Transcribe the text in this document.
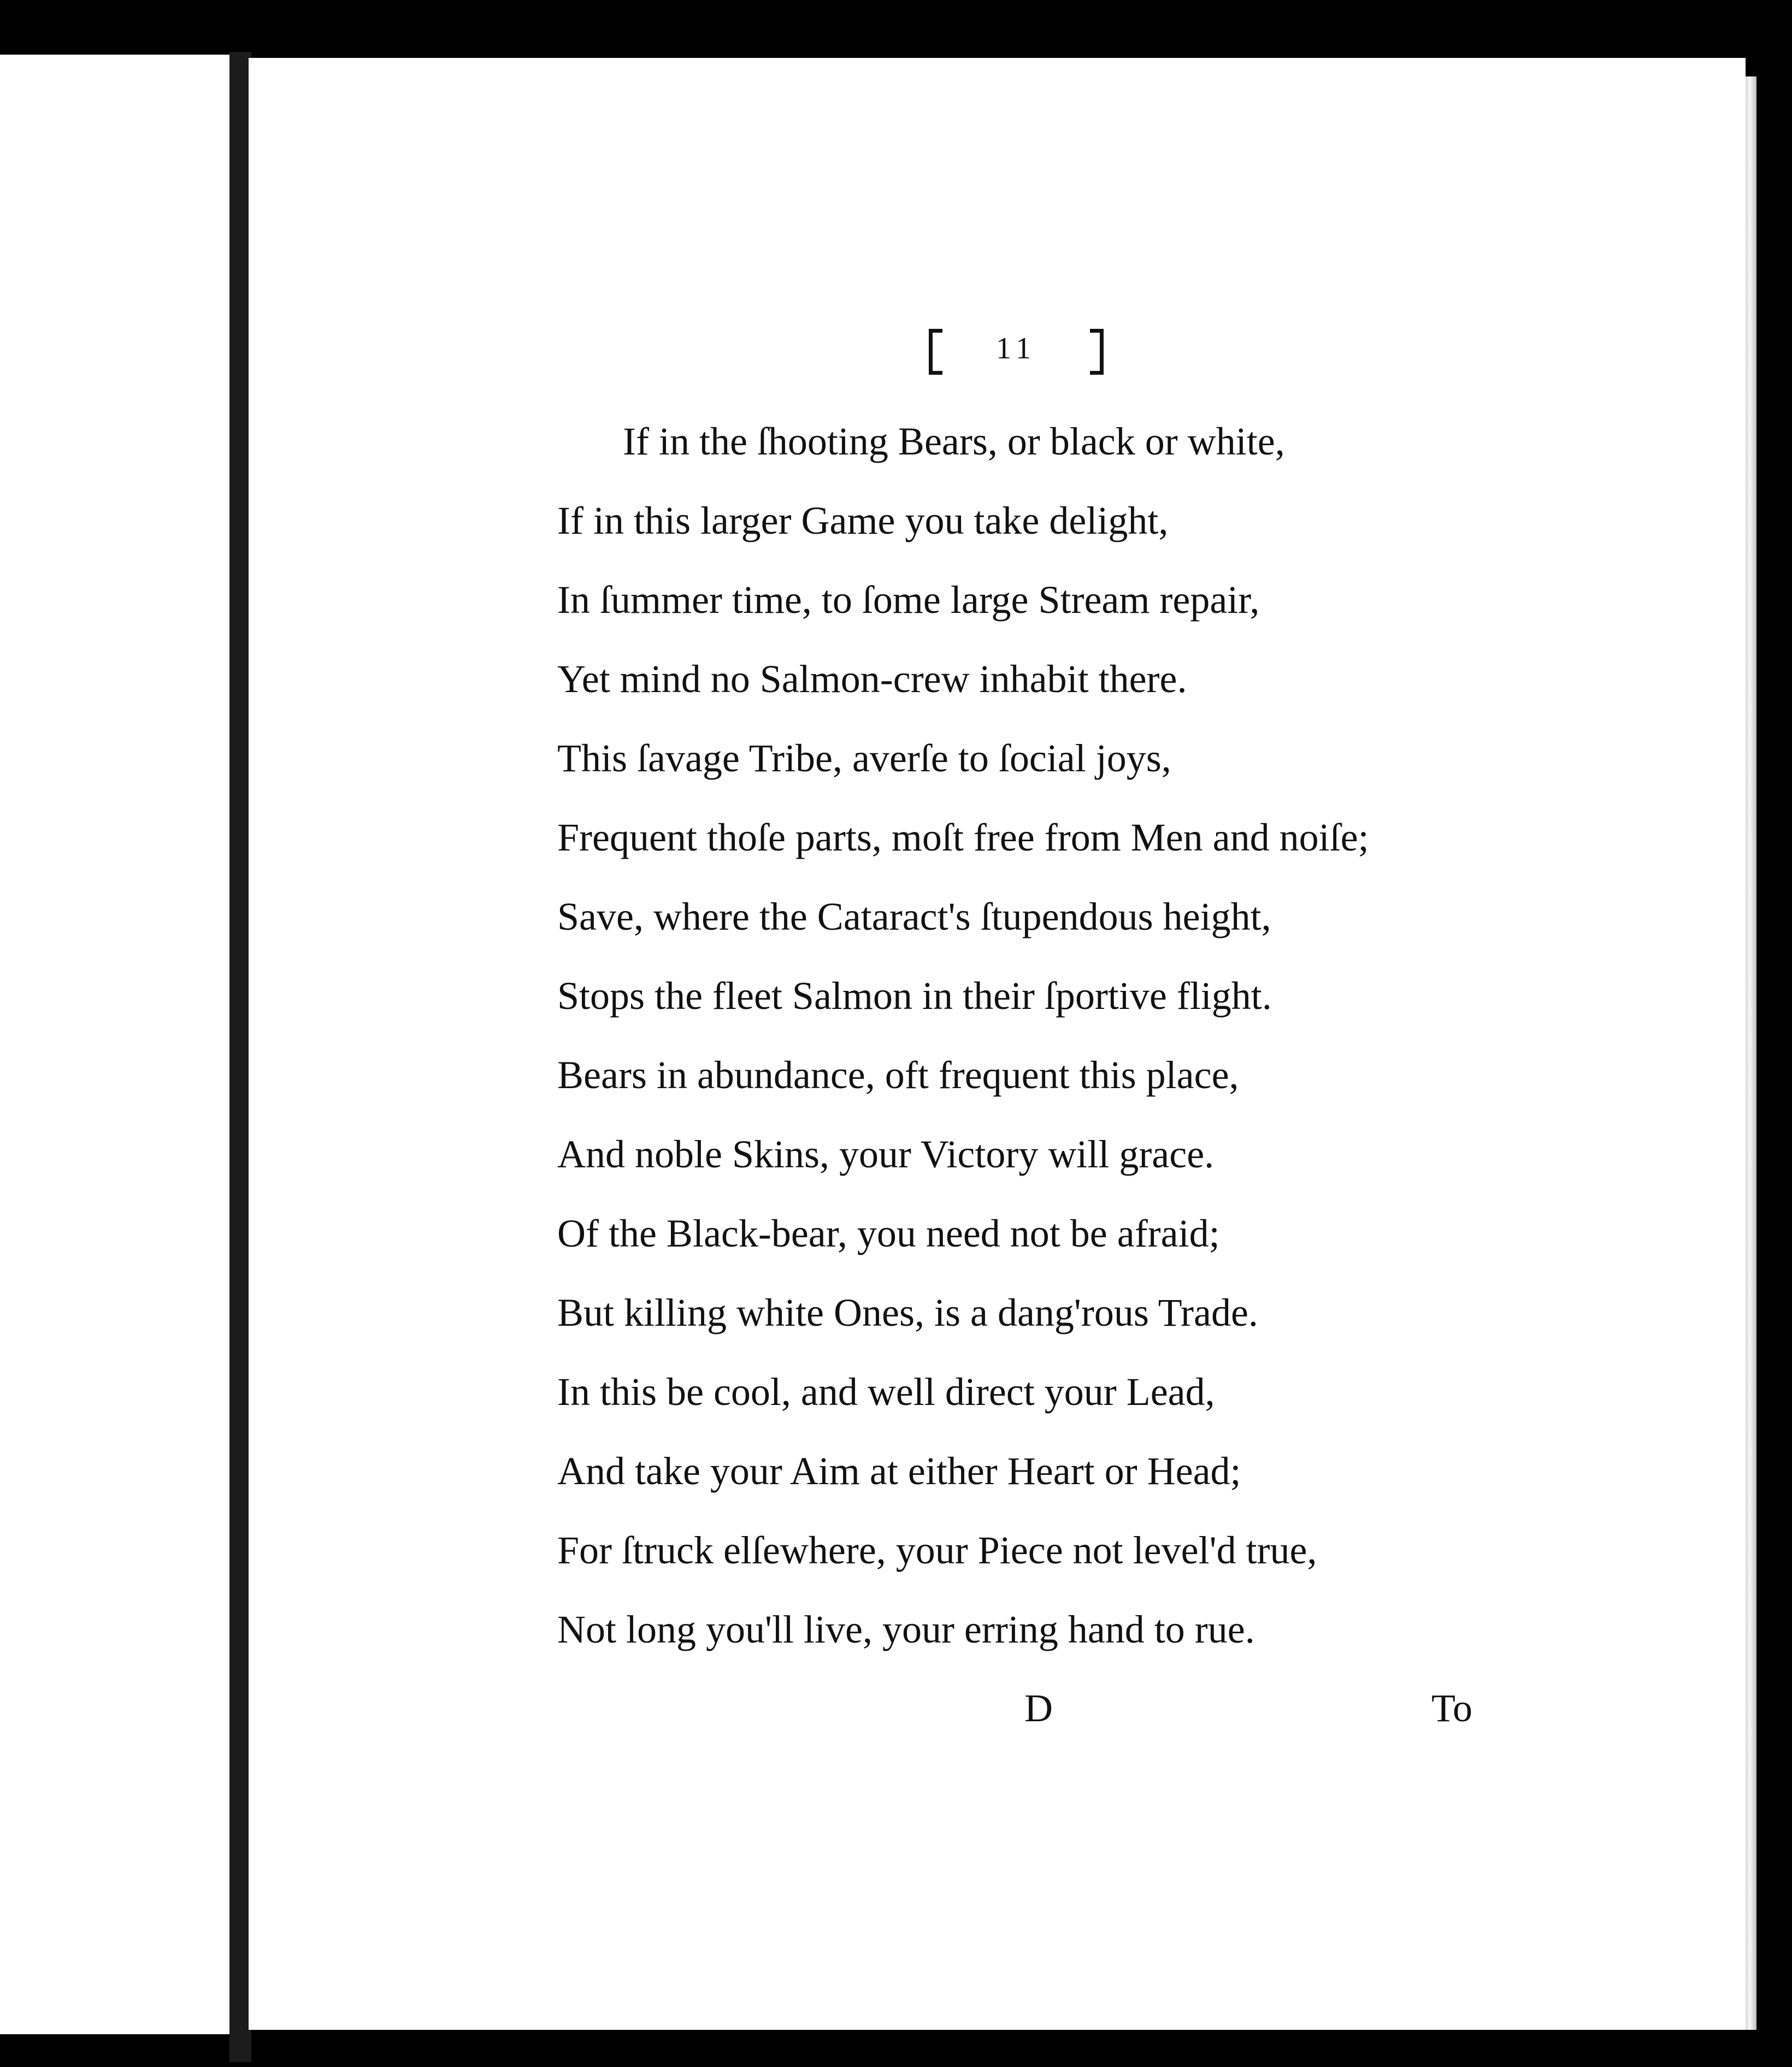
11
If in the ſhooting Bears, or black or white,
If in this larger Game you take delight,
In ſummer time, to ſome large Stream repair,
Yet mind no Salmon-crew inhabit there.
This ſavage Tribe, averſe to ſocial joys,
Frequent thoſe parts, moſt free from Men and noiſe;
Save, where the Cataract's ſtupendous height,
Stops the fleet Salmon in their ſportive flight.
Bears in abundance, oft frequent this place,
And noble Skins, your Victory will grace.
Of the Black-bear, you need not be afraid;
But killing white Ones, is a dang'rous Trade.
In this be cool, and well direct your Lead,
And take your Aim at either Heart or Head;
For ſtruck elſewhere, your Piece not level'd true,
Not long you'll live, your erring hand to rue.
D	To
